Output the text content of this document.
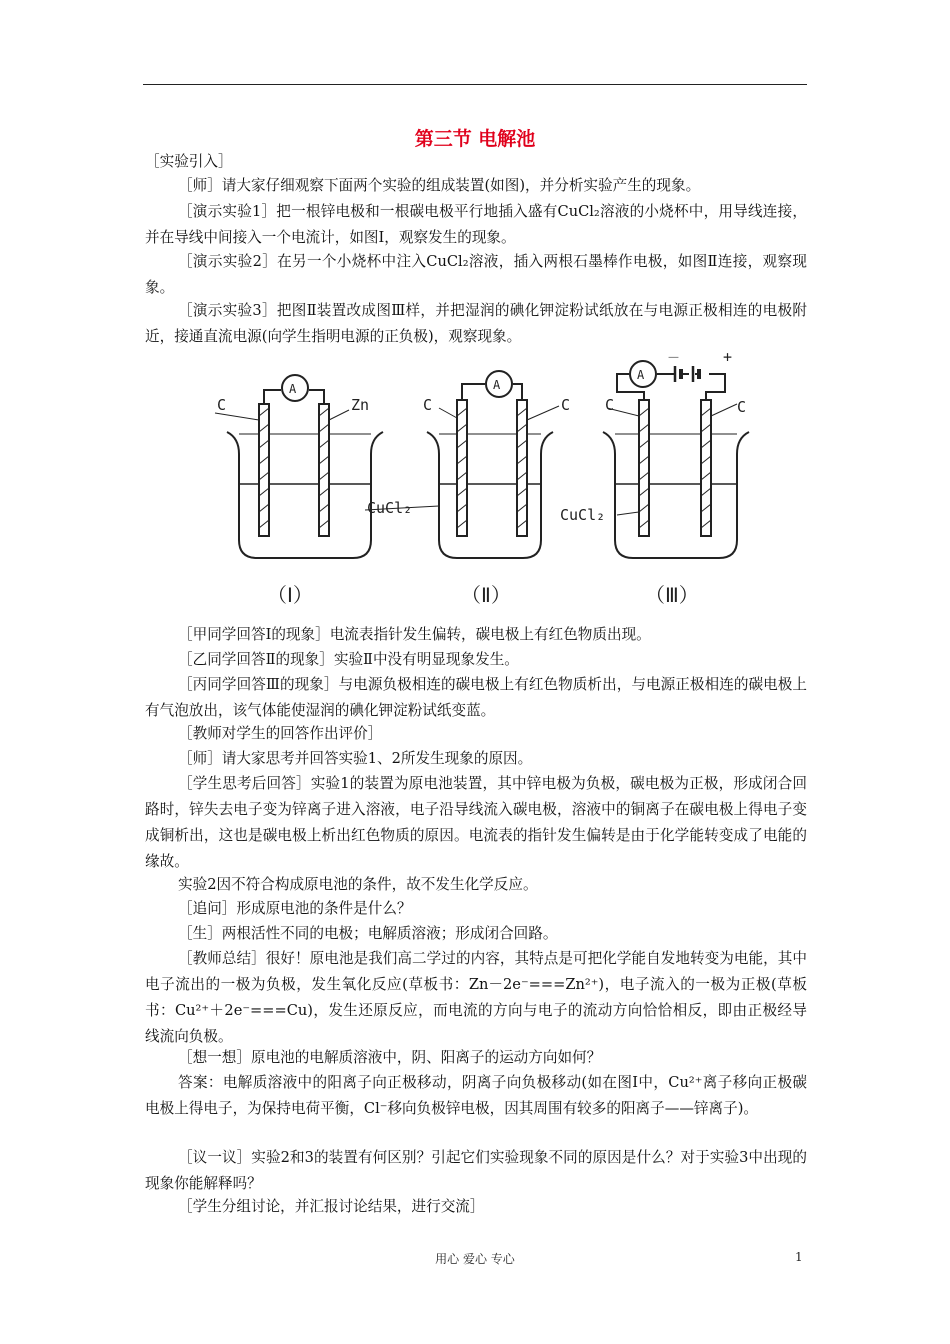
第三节 电解池

［实验引入］

［师］请大家仔细观察下面两个实验的组成装置(如图)，并分析实验产生的现象。

［演示实验1］把一根锌电极和一根碳电极平行地插入盛有CuCl₂溶液的小烧杯中，用导线连接，并在导线中间接入一个电流计，如图Ⅰ，观察发生的现象。

［演示实验2］在另一个小烧杯中注入CuCl₂溶液，插入两根石墨棒作电极，如图Ⅱ连接，观察现象。

［演示实验3］把图Ⅱ装置改成图Ⅲ样，并把湿润的碘化钾淀粉试纸放在与电源正极相连的电极附近，接通直流电源(向学生指明电源的正负极)，观察现象。

C	Zn
A
C	C
A
CuCl₂
C	C
A
CuCl₂
－	+
（Ⅰ）	（Ⅱ）	（Ⅲ）

［甲同学回答Ⅰ的现象］电流表指针发生偏转，碳电极上有红色物质出现。

［乙同学回答Ⅱ的现象］实验Ⅱ中没有明显现象发生。

［丙同学回答Ⅲ的现象］与电源负极相连的碳电极上有红色物质析出，与电源正极相连的碳电极上有气泡放出，该气体能使湿润的碘化钾淀粉试纸变蓝。

［教师对学生的回答作出评价］

［师］请大家思考并回答实验1、2所发生现象的原因。

［学生思考后回答］实验1的装置为原电池装置，其中锌电极为负极，碳电极为正极，形成闭合回路时，锌失去电子变为锌离子进入溶液，电子沿导线流入碳电极，溶液中的铜离子在碳电极上得电子变成铜析出，这也是碳电极上析出红色物质的原因。电流表的指针发生偏转是由于化学能转变成了电能的缘故。

实验2因不符合构成原电池的条件，故不发生化学反应。

［追问］形成原电池的条件是什么？

［生］两根活性不同的电极；电解质溶液；形成闭合回路。

［教师总结］很好！原电池是我们高二学过的内容，其特点是可把化学能自发地转变为电能，其中电子流出的一极为负极，发生氧化反应(草板书：Zn－2e⁻===Zn²⁺)，电子流入的一极为正极(草板书：Cu²⁺＋2e⁻===Cu)，发生还原反应，而电流的方向与电子的流动方向恰恰相反，即由正极经导线流向负极。

［想一想］原电池的电解质溶液中，阴、阳离子的运动方向如何？

答案：电解质溶液中的阳离子向正极移动，阴离子向负极移动(如在图Ⅰ中，Cu²⁺离子移向正极碳电极上得电子，为保持电荷平衡，Cl⁻移向负极锌电极，因其周围有较多的阳离子——锌离子)。

［议一议］实验2和3的装置有何区别？引起它们实验现象不同的原因是什么？对于实验3中出现的现象你能解释吗？

［学生分组讨论，并汇报讨论结果，进行交流］

用心 爱心 专心	1
